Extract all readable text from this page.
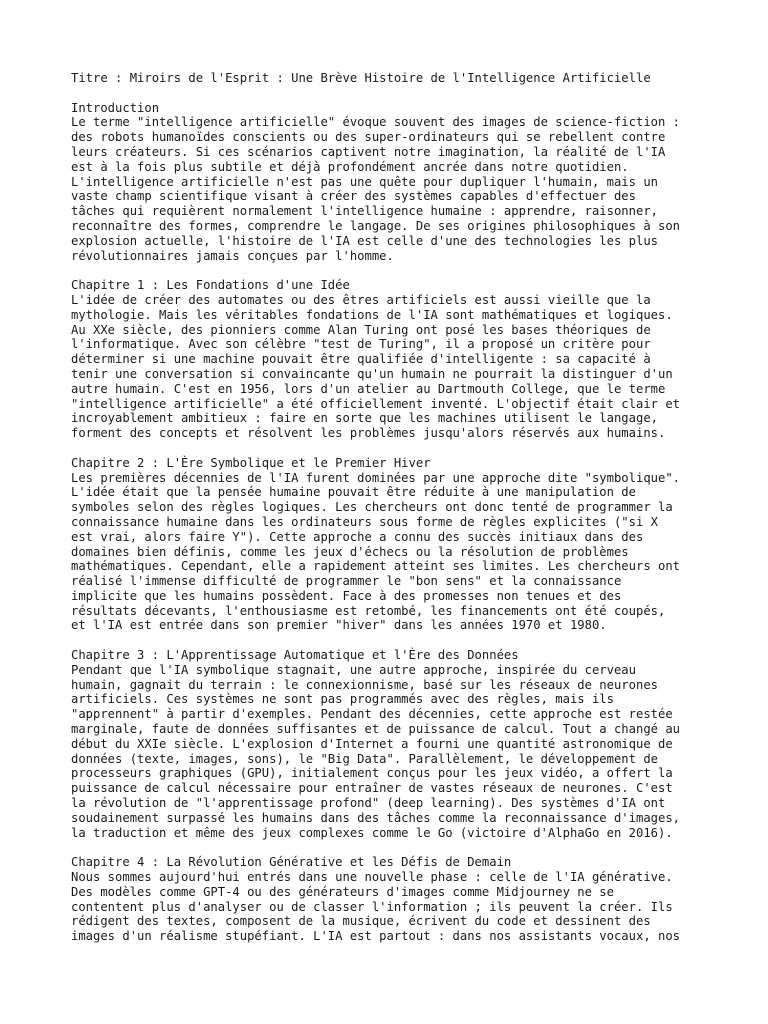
Titre : Miroirs de l'Esprit : Une Brève Histoire de l'Intelligence Artificielle
Introduction
Le terme "intelligence artificielle" évoque souvent des images de science-fiction :
des robots humanoïdes conscients ou des super-ordinateurs qui se rebellent contre
leurs créateurs. Si ces scénarios captivent notre imagination, la réalité de l'IA
est à la fois plus subtile et déjà profondément ancrée dans notre quotidien.
L'intelligence artificielle n'est pas une quête pour dupliquer l'humain, mais un
vaste champ scientifique visant à créer des systèmes capables d'effectuer des
tâches qui requièrent normalement l'intelligence humaine : apprendre, raisonner,
reconnaître des formes, comprendre le langage. De ses origines philosophiques à son
explosion actuelle, l'histoire de l'IA est celle d'une des technologies les plus
révolutionnaires jamais conçues par l'homme.
Chapitre 1 : Les Fondations d'une Idée
L'idée de créer des automates ou des êtres artificiels est aussi vieille que la
mythologie. Mais les véritables fondations de l'IA sont mathématiques et logiques.
Au XXe siècle, des pionniers comme Alan Turing ont posé les bases théoriques de
l'informatique. Avec son célèbre "test de Turing", il a proposé un critère pour
déterminer si une machine pouvait être qualifiée d'intelligente : sa capacité à
tenir une conversation si convaincante qu'un humain ne pourrait la distinguer d'un
autre humain. C'est en 1956, lors d'un atelier au Dartmouth College, que le terme
"intelligence artificielle" a été officiellement inventé. L'objectif était clair et
incroyablement ambitieux : faire en sorte que les machines utilisent le langage,
forment des concepts et résolvent les problèmes jusqu'alors réservés aux humains.
Chapitre 2 : L'Ère Symbolique et le Premier Hiver
Les premières décennies de l'IA furent dominées par une approche dite "symbolique".
L'idée était que la pensée humaine pouvait être réduite à une manipulation de
symboles selon des règles logiques. Les chercheurs ont donc tenté de programmer la
connaissance humaine dans les ordinateurs sous forme de règles explicites ("si X
est vrai, alors faire Y"). Cette approche a connu des succès initiaux dans des
domaines bien définis, comme les jeux d'échecs ou la résolution de problèmes
mathématiques. Cependant, elle a rapidement atteint ses limites. Les chercheurs ont
réalisé l'immense difficulté de programmer le "bon sens" et la connaissance
implicite que les humains possèdent. Face à des promesses non tenues et des
résultats décevants, l'enthousiasme est retombé, les financements ont été coupés,
et l'IA est entrée dans son premier "hiver" dans les années 1970 et 1980.
Chapitre 3 : L'Apprentissage Automatique et l'Ère des Données
Pendant que l'IA symbolique stagnait, une autre approche, inspirée du cerveau
humain, gagnait du terrain : le connexionnisme, basé sur les réseaux de neurones
artificiels. Ces systèmes ne sont pas programmés avec des règles, mais ils
"apprennent" à partir d'exemples. Pendant des décennies, cette approche est restée
marginale, faute de données suffisantes et de puissance de calcul. Tout a changé au
début du XXIe siècle. L'explosion d'Internet a fourni une quantité astronomique de
données (texte, images, sons), le "Big Data". Parallèlement, le développement de
processeurs graphiques (GPU), initialement conçus pour les jeux vidéo, a offert la
puissance de calcul nécessaire pour entraîner de vastes réseaux de neurones. C'est
la révolution de "l'apprentissage profond" (deep learning). Des systèmes d'IA ont
soudainement surpassé les humains dans des tâches comme la reconnaissance d'images,
la traduction et même des jeux complexes comme le Go (victoire d'AlphaGo en 2016).
Chapitre 4 : La Révolution Générative et les Défis de Demain
Nous sommes aujourd'hui entrés dans une nouvelle phase : celle de l'IA générative.
Des modèles comme GPT-4 ou des générateurs d'images comme Midjourney ne se
contentent plus d'analyser ou de classer l'information ; ils peuvent la créer. Ils
rédigent des textes, composent de la musique, écrivent du code et dessinent des
images d'un réalisme stupéfiant. L'IA est partout : dans nos assistants vocaux, nos
